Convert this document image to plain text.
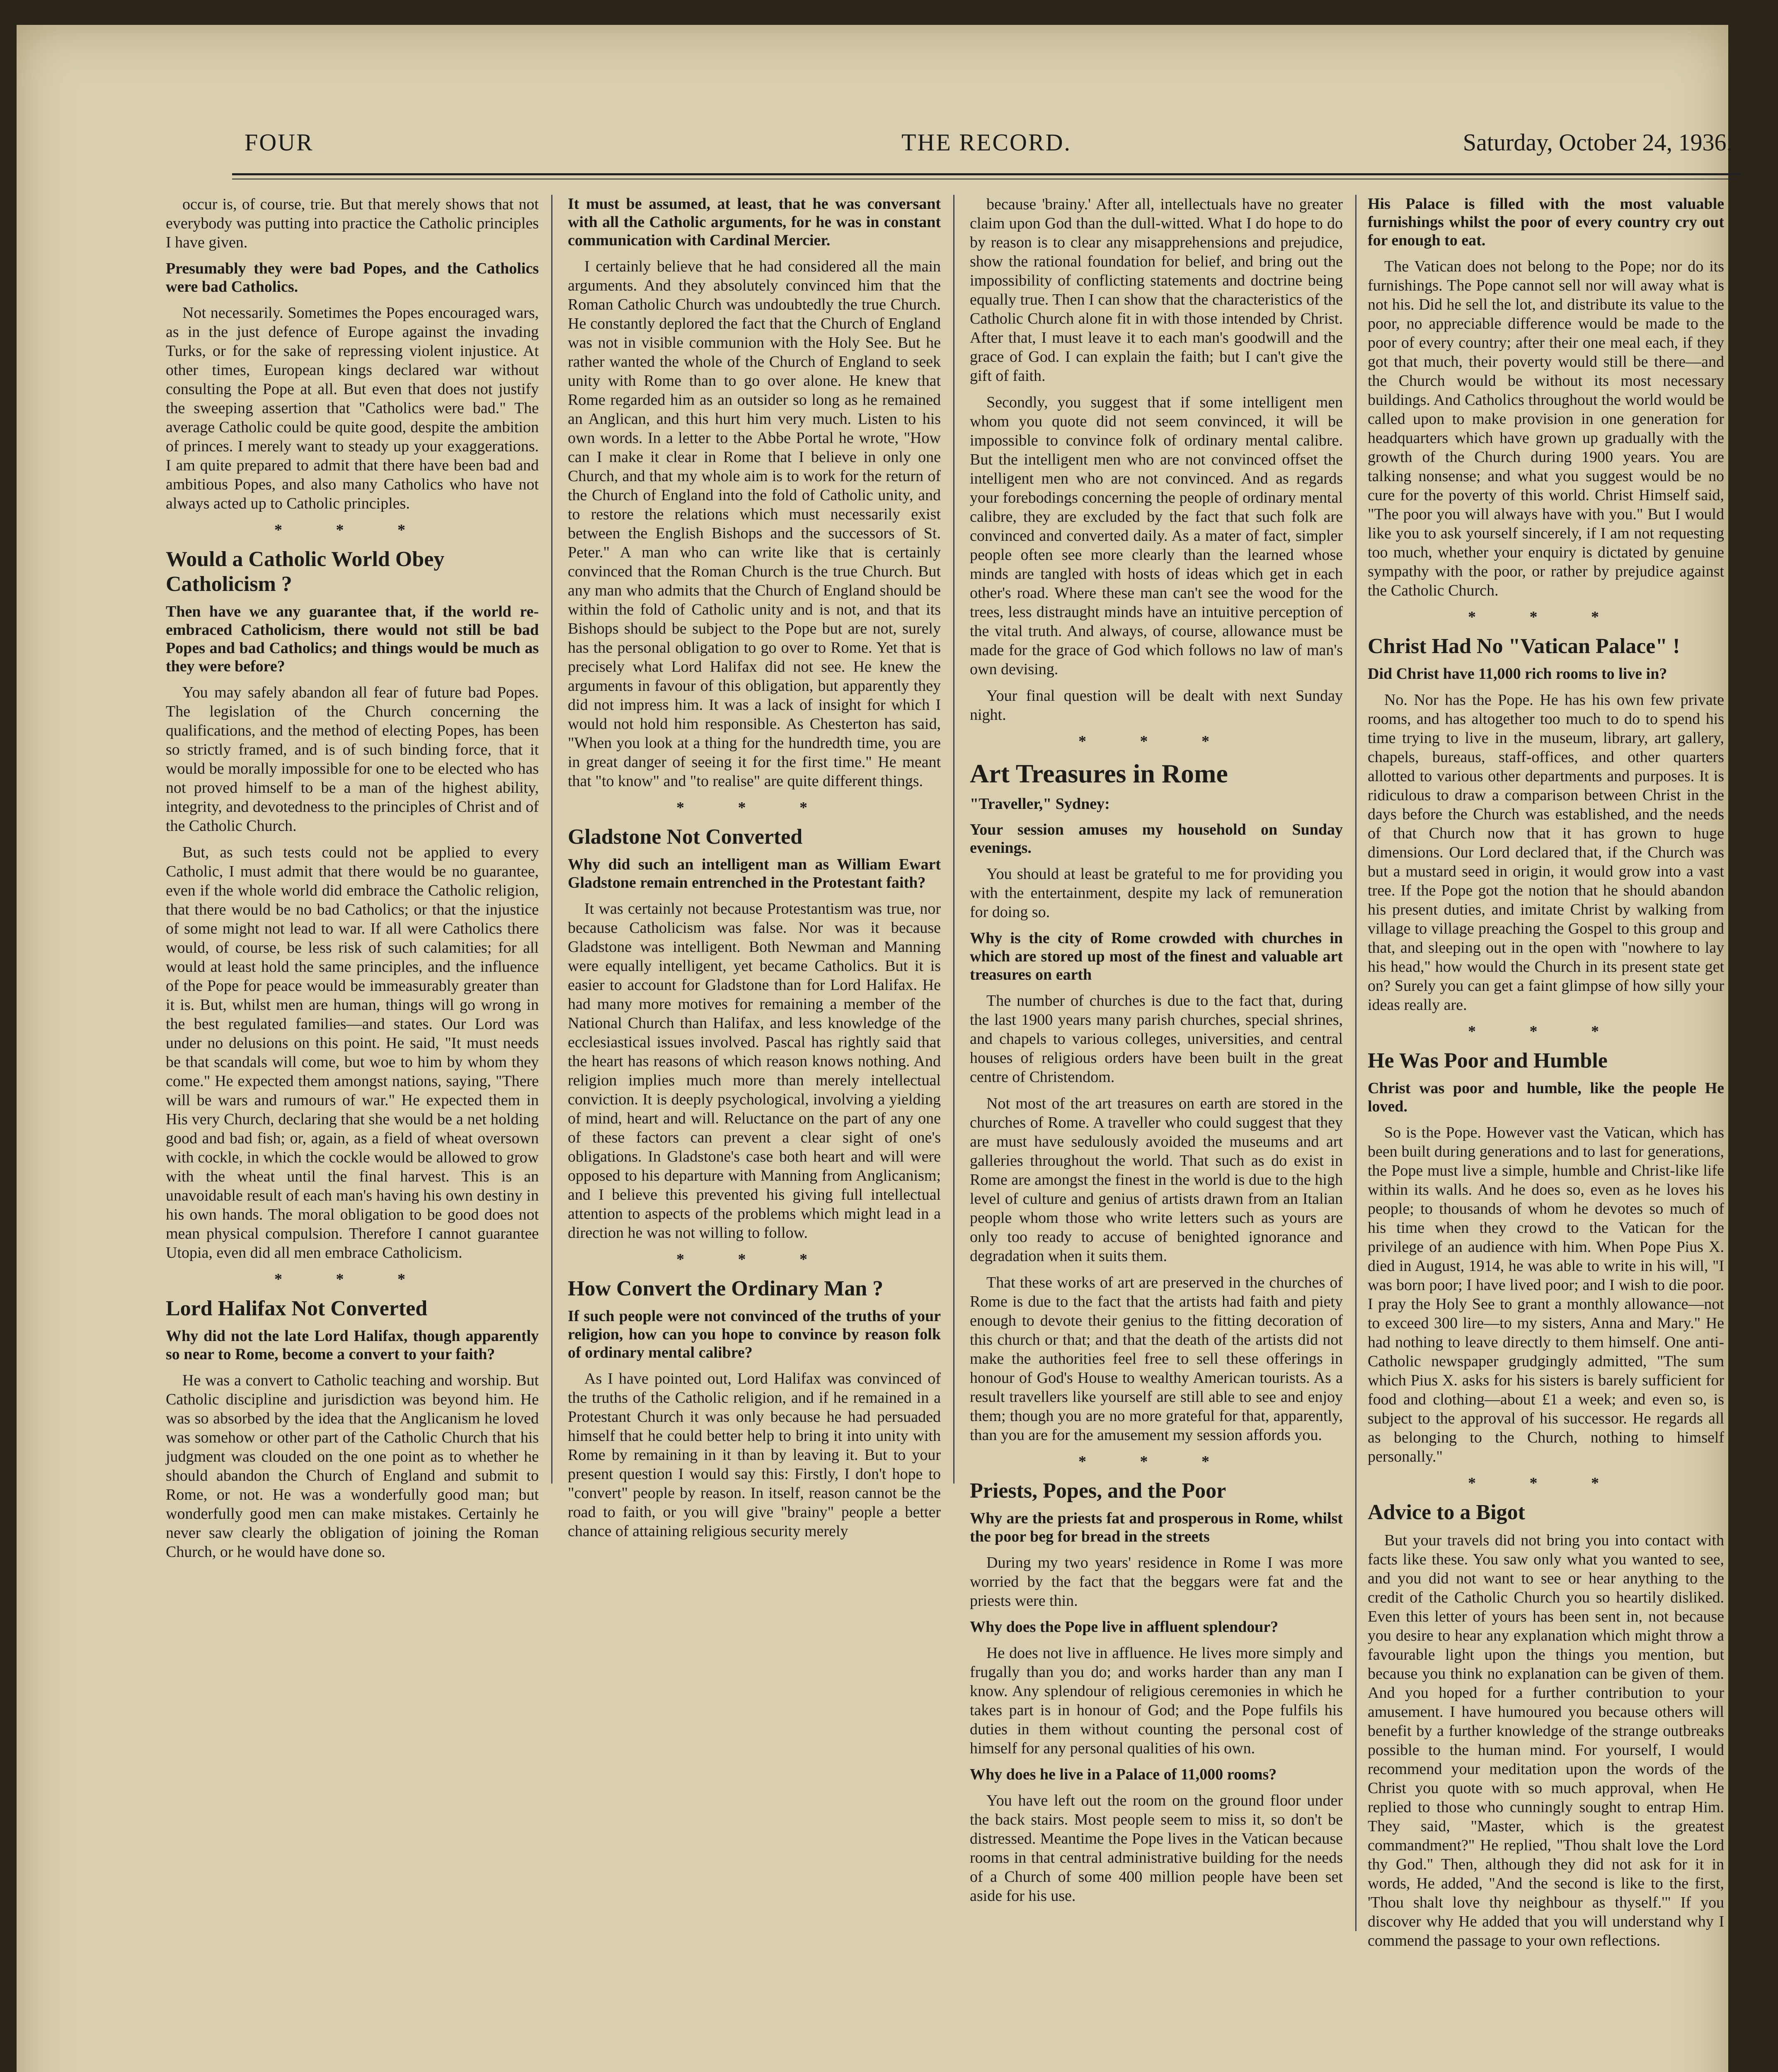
FOUR	THE RECORD.	Saturday, October 24, 1936.

occur is, of course, trie. But that merely shows that not everybody was putting into practice the Catholic principles I have given.

Presumably they were bad Popes, and the Catholics were bad Catholics.

Not necessarily. Sometimes the Popes encouraged wars, as in the just defence of Europe against the invading Turks, or for the sake of repressing violent injustice. At other times, European kings declared war without consulting the Pope at all. But even that does not justify the sweeping assertion that "Catholics were bad." The average Catholic could be quite good, despite the ambition of princes. I merely want to steady up your exaggerations. I am quite prepared to admit that there have been bad and ambitious Popes, and also many Catholics who have not always acted up to Catholic principles.

* * *
Would a Catholic World Obey Catholicism ?

Then have we any guarantee that, if the world re-embraced Catholicism, there would not still be bad Popes and bad Catholics; and things would be much as they were before?

You may safely abandon all fear of future bad Popes. The legislation of the Church concerning the qualifications, and the method of electing Popes, has been so strictly framed, and is of such binding force, that it would be morally impossible for one to be elected who has not proved himself to be a man of the highest ability, integrity, and devotedness to the principles of Christ and of the Catholic Church.

But, as such tests could not be applied to every Catholic, I must admit that there would be no guarantee, even if the whole world did embrace the Catholic religion, that there would be no bad Catholics; or that the injustice of some might not lead to war. If all were Catholics there would, of course, be less risk of such calamities; for all would at least hold the same principles, and the influence of the Pope for peace would be immeasurably greater than it is. But, whilst men are human, things will go wrong in the best regulated families—and states. Our Lord was under no delusions on this point. He said, "It must needs be that scandals will come, but woe to him by whom they come." He expected them amongst nations, saying, "There will be wars and rumours of war." He expected them in His very Church, declaring that she would be a net holding good and bad fish; or, again, as a field of wheat oversown with cockle, in which the cockle would be allowed to grow with the wheat until the final harvest. This is an unavoidable result of each man's having his own destiny in his own hands. The moral obligation to be good does not mean physical compulsion. Therefore I cannot guarantee Utopia, even did all men embrace Catholicism.

* * *
Lord Halifax Not Converted

Why did not the late Lord Halifax, though apparently so near to Rome, become a convert to your faith?

He was a convert to Catholic teaching and worship. But Catholic discipline and jurisdiction was beyond him. He was so absorbed by the idea that the Anglicanism he loved was somehow or other part of the Catholic Church that his judgment was clouded on the one point as to whether he should abandon the Church of England and submit to Rome, or not. He was a wonderfully good man; but wonderfully good men can make mistakes. Certainly he never saw clearly the obligation of joining the Roman Church, or he would have done so.

It must be assumed, at least, that he was conversant with all the Catholic arguments, for he was in constant communication with Cardinal Mercier.

I certainly believe that he had considered all the main arguments. And they absolutely convinced him that the Roman Catholic Church was undoubtedly the true Church. He constantly deplored the fact that the Church of England was not in visible communion with the Holy See. But he rather wanted the whole of the Church of England to seek unity with Rome than to go over alone. He knew that Rome regarded him as an outsider so long as he remained an Anglican, and this hurt him very much. Listen to his own words. In a letter to the Abbe Portal he wrote, "How can I make it clear in Rome that I believe in only one Church, and that my whole aim is to work for the return of the Church of England into the fold of Catholic unity, and to restore the relations which must necessarily exist between the English Bishops and the successors of St. Peter." A man who can write like that is certainly convinced that the Roman Church is the true Church. But any man who admits that the Church of England should be within the fold of Catholic unity and is not, and that its Bishops should be subject to the Pope but are not, surely has the personal obligation to go over to Rome. Yet that is precisely what Lord Halifax did not see. He knew the arguments in favour of this obligation, but apparently they did not impress him. It was a lack of insight for which I would not hold him responsible. As Chesterton has said, "When you look at a thing for the hundredth time, you are in great danger of seeing it for the first time." He meant that "to know" and "to realise" are quite different things.

* * *
Gladstone Not Converted

Why did such an intelligent man as William Ewart Gladstone remain entrenched in the Protestant faith?

It was certainly not because Protestantism was true, nor because Catholicism was false. Nor was it because Gladstone was intelligent. Both Newman and Manning were equally intelligent, yet became Catholics. But it is easier to account for Gladstone than for Lord Halifax. He had many more motives for remaining a member of the National Church than Halifax, and less knowledge of the ecclesiastical issues involved. Pascal has rightly said that the heart has reasons of which reason knows nothing. And religion implies much more than merely intellectual conviction. It is deeply psychological, involving a yielding of mind, heart and will. Reluctance on the part of any one of these factors can prevent a clear sight of one's obligations. In Gladstone's case both heart and will were opposed to his departure with Manning from Anglicanism; and I believe this prevented his giving full intellectual attention to aspects of the problems which might lead in a direction he was not willing to follow.

* * *
How Convert the Ordinary Man ?

If such people were not convinced of the truths of your religion, how can you hope to convince by reason folk of ordinary mental calibre?

As I have pointed out, Lord Halifax was convinced of the truths of the Catholic religion, and if he remained in a Protestant Church it was only because he had persuaded himself that he could better help to bring it into unity with Rome by remaining in it than by leaving it. But to your present question I would say this: Firstly, I don't hope to "convert" people by reason. In itself, reason cannot be the road to faith, or you will give "brainy" people a better chance of attaining religious security merely

because 'brainy.' After all, intellectuals have no greater claim upon God than the dull-witted. What I do hope to do by reason is to clear any misapprehensions and prejudice, show the rational foundation for belief, and bring out the impossibility of conflicting statements and doctrine being equally true. Then I can show that the characteristics of the Catholic Church alone fit in with those intended by Christ. After that, I must leave it to each man's goodwill and the grace of God. I can explain the faith; but I can't give the gift of faith.

Secondly, you suggest that if some intelligent men whom you quote did not seem convinced, it will be impossible to convince folk of ordinary mental calibre. But the intelligent men who are not convinced offset the intelligent men who are not convinced. And as regards your forebodings concerning the people of ordinary mental calibre, they are excluded by the fact that such folk are convinced and converted daily. As a mater of fact, simpler people often see more clearly than the learned whose minds are tangled with hosts of ideas which get in each other's road. Where these man can't see the wood for the trees, less distraught minds have an intuitive perception of the vital truth. And always, of course, allowance must be made for the grace of God which follows no law of man's own devising.

Your final question will be dealt with next Sunday night.

* * *
Art Treasures in Rome

"Traveller," Sydney:

Your session amuses my household on Sunday evenings.

You should at least be grateful to me for providing you with the entertainment, despite my lack of remuneration for doing so.

Why is the city of Rome crowded with churches in which are stored up most of the finest and valuable art treasures on earth

The number of churches is due to the fact that, during the last 1900 years many parish churches, special shrines, and chapels to various colleges, universities, and central houses of religious orders have been built in the great centre of Christendom.

Not most of the art treasures on earth are stored in the churches of Rome. A traveller who could suggest that they are must have sedulously avoided the museums and art galleries throughout the world. That such as do exist in Rome are amongst the finest in the world is due to the high level of culture and genius of artists drawn from an Italian people whom those who write letters such as yours are only too ready to accuse of benighted ignorance and degradation when it suits them.

That these works of art are preserved in the churches of Rome is due to the fact that the artists had faith and piety enough to devote their genius to the fitting decoration of this church or that; and that the death of the artists did not make the authorities feel free to sell these offerings in honour of God's House to wealthy American tourists. As a result travellers like yourself are still able to see and enjoy them; though you are no more grateful for that, apparently, than you are for the amusement my session affords you.

* * *
Priests, Popes, and the Poor

Why are the priests fat and prosperous in Rome, whilst the poor beg for bread in the streets

During my two years' residence in Rome I was more worried by the fact that the beggars were fat and the priests were thin.

Why does the Pope live in affluent splendour?

He does not live in affluence. He lives more simply and frugally than you do; and works harder than any man I know. Any splendour of religious ceremonies in which he takes part is in honour of God; and the Pope fulfils his duties in them without counting the personal cost of himself for any personal qualities of his own.

Why does he live in a Palace of 11,000 rooms?

You have left out the room on the ground floor under the back stairs. Most people seem to miss it, so don't be distressed. Meantime the Pope lives in the Vatican because rooms in that central administrative building for the needs of a Church of some 400 million people have been set aside for his use.

His Palace is filled with the most valuable furnishings whilst the poor of every country cry out for enough to eat.

The Vatican does not belong to the Pope; nor do its furnishings. The Pope cannot sell nor will away what is not his. Did he sell the lot, and distribute its value to the poor, no appreciable difference would be made to the poor of every country; after their one meal each, if they got that much, their poverty would still be there—and the Church would be without its most necessary buildings. And Catholics throughout the world would be called upon to make provision in one generation for headquarters which have grown up gradually with the growth of the Church during 1900 years. You are talking nonsense; and what you suggest would be no cure for the poverty of this world. Christ Himself said, "The poor you will always have with you." But I would like you to ask yourself sincerely, if I am not requesting too much, whether your enquiry is dictated by genuine sympathy with the poor, or rather by prejudice against the Catholic Church.

* * *
Christ Had No "Vatican Palace" !

Did Christ have 11,000 rich rooms to live in?

No. Nor has the Pope. He has his own few private rooms, and has altogether too much to do to spend his time trying to live in the museum, library, art gallery, chapels, bureaus, staff-offices, and other quarters allotted to various other departments and purposes. It is ridiculous to draw a comparison between Christ in the days before the Church was established, and the needs of that Church now that it has grown to huge dimensions. Our Lord declared that, if the Church was but a mustard seed in origin, it would grow into a vast tree. If the Pope got the notion that he should abandon his present duties, and imitate Christ by walking from village to village preaching the Gospel to this group and that, and sleeping out in the open with "nowhere to lay his head," how would the Church in its present state get on? Surely you can get a faint glimpse of how silly your ideas really are.

* * *
He Was Poor and Humble

Christ was poor and humble, like the people He loved.

So is the Pope. However vast the Vatican, which has been built during generations and to last for generations, the Pope must live a simple, humble and Christ-like life within its walls. And he does so, even as he loves his people; to thousands of whom he devotes so much of his time when they crowd to the Vatican for the privilege of an audience with him. When Pope Pius X. died in August, 1914, he was able to write in his will, "I was born poor; I have lived poor; and I wish to die poor. I pray the Holy See to grant a monthly allowance—not to exceed 300 lire—to my sisters, Anna and Mary." He had nothing to leave directly to them himself. One anti-Catholic newspaper grudgingly admitted, "The sum which Pius X. asks for his sisters is barely sufficient for food and clothing—about £1 a week; and even so, is subject to the approval of his successor. He regards all as belonging to the Church, nothing to himself personally."

* * *
Advice to a Bigot

But your travels did not bring you into contact with facts like these. You saw only what you wanted to see, and you did not want to see or hear anything to the credit of the Catholic Church you so heartily disliked. Even this letter of yours has been sent in, not because you desire to hear any explanation which might throw a favourable light upon the things you mention, but because you think no explanation can be given of them. And you hoped for a further contribution to your amusement. I have humoured you because others will benefit by a further knowledge of the strange outbreaks possible to the human mind. For yourself, I would recommend your meditation upon the words of the Christ you quote with so much approval, when He replied to those who cunningly sought to entrap Him. They said, "Master, which is the greatest commandment?" He replied, "Thou shalt love the Lord thy God." Then, although they did not ask for it in words, He added, "And the second is like to the first, 'Thou shalt love thy neighbour as thyself.'" If you discover why He added that you will understand why I commend the passage to your own reflections.
